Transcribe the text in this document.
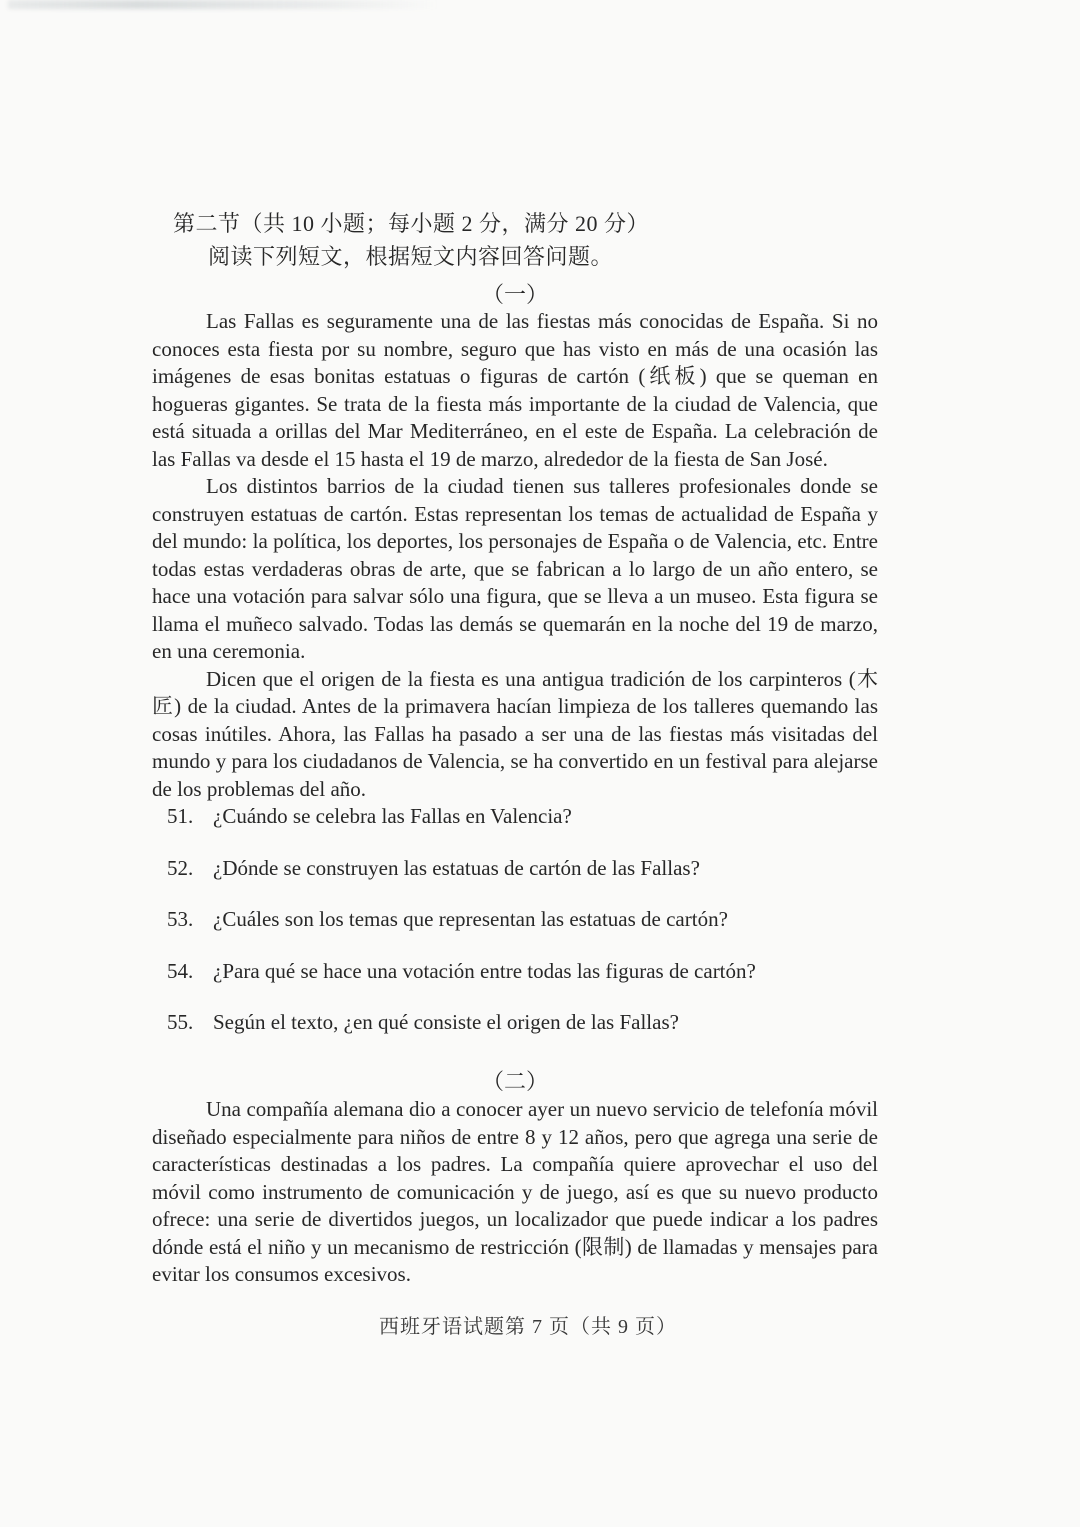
第二节（共 10 小题；每小题 2 分，满分 20 分）
阅读下列短文，根据短文内容回答问题。
（一）

Las Fallas es seguramente una de las fiestas más conocidas de España. Si no conoces esta fiesta por su nombre, seguro que has visto en más de una ocasión las imágenes de esas bonitas estatuas o figuras de cartón (纸板) que se queman en hogueras gigantes. Se trata de la fiesta más importante de la ciudad de Valencia, que está situada a orillas del Mar Mediterráneo, en el este de España. La celebración de las Fallas va desde el 15 hasta el 19 de marzo, alrededor de la fiesta de San José.

Los distintos barrios de la ciudad tienen sus talleres profesionales donde se construyen estatuas de cartón. Estas representan los temas de actualidad de España y del mundo: la política, los deportes, los personajes de España o de Valencia, etc. Entre todas estas verdaderas obras de arte, que se fabrican a lo largo de un año entero, se hace una votación para salvar sólo una figura, que se lleva a un museo. Esta figura se llama el muñeco salvado. Todas las demás se quemarán en la noche del 19 de marzo, en una ceremonia.

Dicen que el origen de la fiesta es una antigua tradición de los carpinteros (木匠) de la ciudad. Antes de la primavera hacían limpieza de los talleres quemando las cosas inútiles. Ahora, las Fallas ha pasado a ser una de las fiestas más visitadas del mundo y para los ciudadanos de Valencia, se ha convertido en un festival para alejarse de los problemas del año.

51. ¿Cuándo se celebra las Fallas en Valencia?
52. ¿Dónde se construyen las estatuas de cartón de las Fallas?
53. ¿Cuáles son los temas que representan las estatuas de cartón?
54. ¿Para qué se hace una votación entre todas las figuras de cartón?
55. Según el texto, ¿en qué consiste el origen de las Fallas?
（二）

Una compañía alemana dio a conocer ayer un nuevo servicio de telefonía móvil diseñado especialmente para niños de entre 8 y 12 años, pero que agrega una serie de características destinadas a los padres. La compañía quiere aprovechar el uso del móvil como instrumento de comunicación y de juego, así es que su nuevo producto ofrece: una serie de divertidos juegos, un localizador que puede indicar a los padres dónde está el niño y un mecanismo de restricción (限制) de llamadas y mensajes para evitar los consumos excesivos.

西班牙语试题第 7 页（共 9 页）
